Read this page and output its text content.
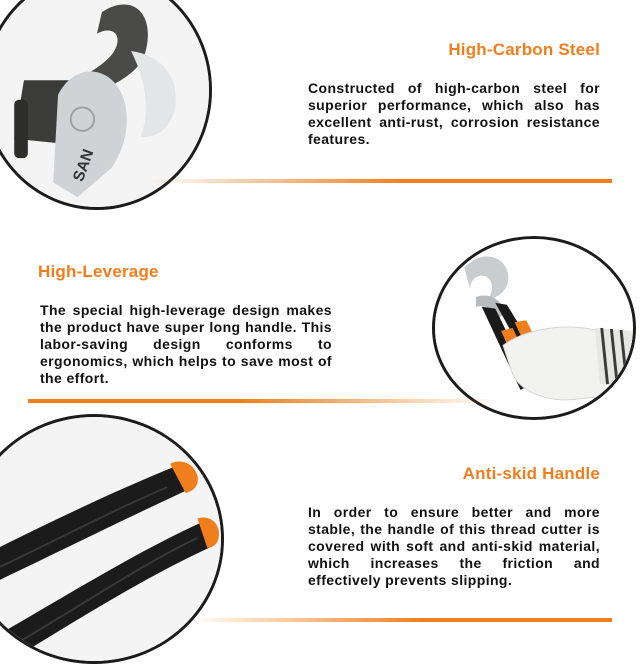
SAN
High-Carbon Steel
Constructed of high-carbon steel for superior performance, which also has excellent anti-rust, corrosion resistance features.
High-Leverage
The special high-leverage design makes the product have super long handle. This labor-saving design conforms to ergonomics, which helps to save most of the effort.
Anti-skid Handle
In order to ensure better and more stable, the handle of this thread cutter is covered with soft and anti-skid material, which increases the friction and effectively prevents slipping.
